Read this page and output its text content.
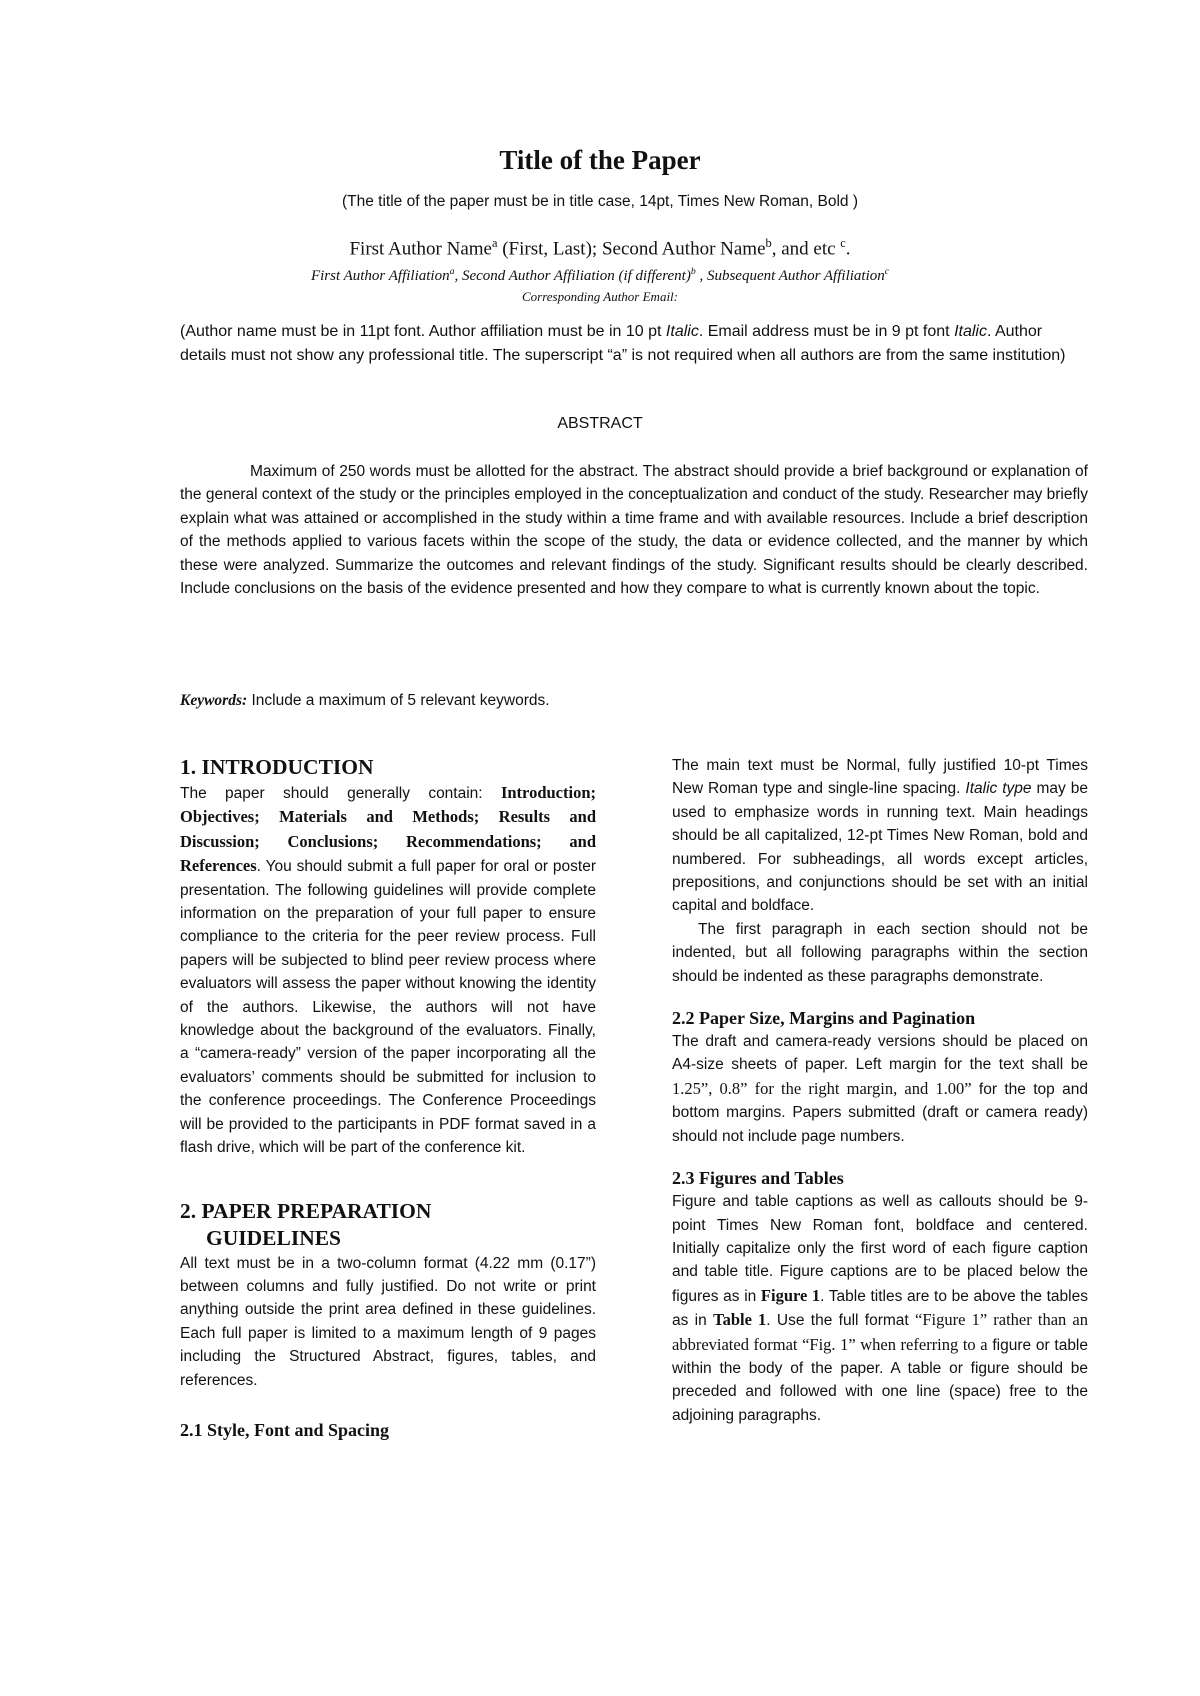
Title of the Paper
(The title of the paper must be in title case, 14pt, Times New Roman, Bold )
First Author Name$^a$ (First, Last); Second Author Name$^b$, and etc $^c$.
First Author Affiliation$^a$, Second Author Affiliation (if different)$^b$ , Subsequent Author Affiliation$^c$
Corresponding Author Email:
(Author name must be in 11pt font. Author affiliation must be in 10 pt Italic. Email address must be in 9 pt font Italic. Author details must not show any professional title. The superscript “a” is not required when all authors are from the same institution)
ABSTRACT

Maximum of 250 words must be allotted for the abstract. The abstract should provide a brief background or explanation of the general context of the study or the principles employed in the conceptualization and conduct of the study. Researcher may briefly explain what was attained or accomplished in the study within a time frame and with available resources. Include a brief description of the methods applied to various facets within the scope of the study, the data or evidence collected, and the manner by which these were analyzed. Summarize the outcomes and relevant findings of the study. Significant results should be clearly described. Include conclusions on the basis of the evidence presented and how they compare to what is currently known about the topic.

Keywords: Include a maximum of 5 relevant keywords.
1. INTRODUCTION

The paper should generally contain: Introduction; Objectives; Materials and Methods; Results and Discussion; Conclusions; Recommendations; and References. You should submit a full paper for oral or poster presentation. The following guidelines will provide complete information on the preparation of your full paper to ensure compliance to the criteria for the peer review process. Full papers will be subjected to blind peer review process where evaluators will assess the paper without knowing the identity of the authors. Likewise, the authors will not have knowledge about the background of the evaluators. Finally, a “camera-ready” version of the paper incorporating all the evaluators’ comments should be submitted for inclusion to the conference proceedings. The Conference Proceedings will be provided to the participants in PDF format saved in a flash drive, which will be part of the conference kit.

2. PAPER PREPARATION
GUIDELINES

All text must be in a two-column format (4.22 mm (0.17”) between columns and fully justified. Do not write or print anything outside the print area defined in these guidelines. Each full paper is limited to a maximum length of 9 pages including the Structured Abstract, figures, tables, and references.

2.1 Style, Font and Spacing

The main text must be Normal, fully justified 10-pt Times New Roman type and single-line spacing. Italic type may be used to emphasize words in running text. Main headings should be all capitalized, 12-pt Times New Roman, bold and numbered. For subheadings, all words except articles, prepositions, and conjunctions should be set with an initial capital and boldface.

The first paragraph in each section should not be indented, but all following paragraphs within the section should be indented as these paragraphs demonstrate.

2.2 Paper Size, Margins and Pagination

The draft and camera-ready versions should be placed on A4-size sheets of paper. Left margin for the text shall be 1.25”, 0.8” for the right margin, and 1.00” for the top and bottom margins. Papers submitted (draft or camera ready) should not include page numbers.

2.3 Figures and Tables

Figure and table captions as well as callouts should be 9-point Times New Roman font, boldface and centered. Initially capitalize only the first word of each figure caption and table title. Figure captions are to be placed below the figures as in Figure 1. Table titles are to be above the tables as in Table 1. Use the full format “Figure 1” rather than an abbreviated format “Fig. 1” when referring to a figure or table within the body of the paper. A table or figure should be preceded and followed with one line (space) free to the adjoining paragraphs.
